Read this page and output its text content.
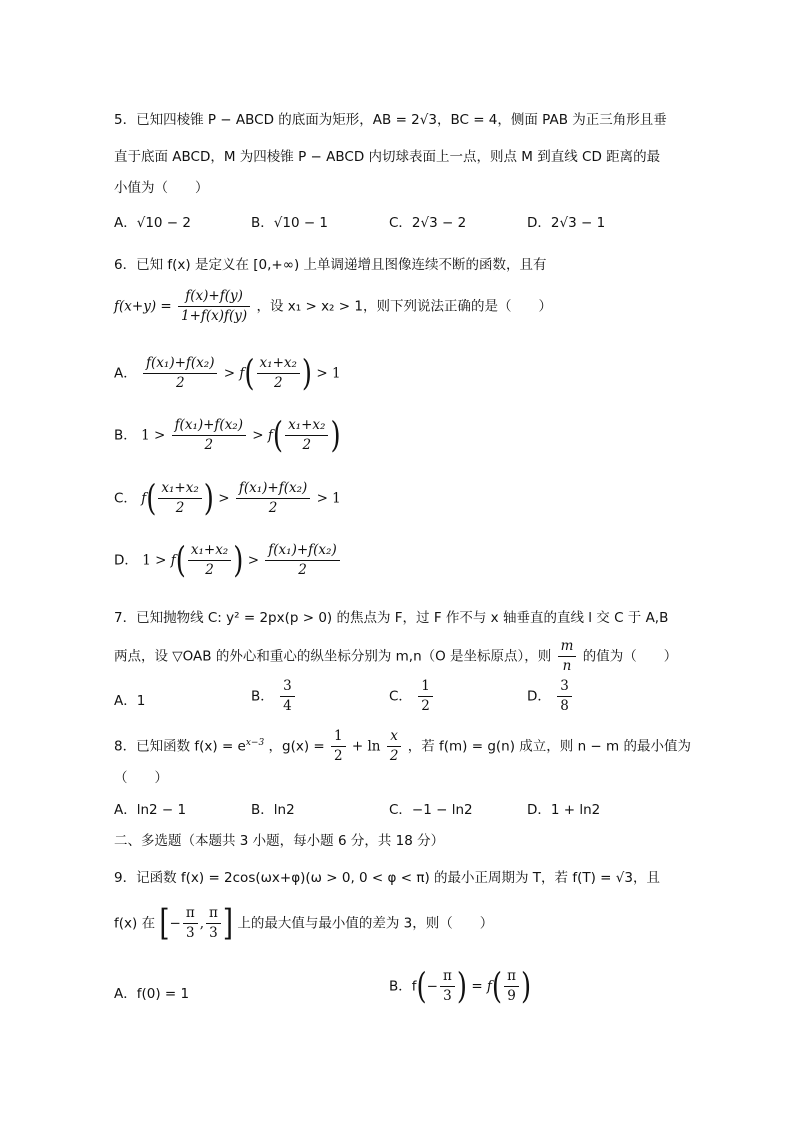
5．已知四棱锥 P − ABCD 的底面为矩形，AB = 2√3，BC = 4，侧面 PAB 为正三角形且垂
直于底面 ABCD，M 为四棱锥 P − ABCD 内切球表面上一点，则点 M 到直线 CD 距离的最
小值为（　　）
A．√10 − 2	B．√10 − 1	C．2√3 − 2	D．2√3 − 1
6．已知 f(x) 是定义在 [0,+∞) 上单调递增且图像连续不断的函数，且有
$f(x+y) = \frac{f(x)+f(y)}{1+f(x)f(y)}$ ，设 x₁ > x₂ > 1，则下列说法正确的是（　　）
A． $\frac{\text{f(x₁)+f(x₂)}}{2} > f( \frac{\text{x₁+x₂}}{2}$ ) > 1
B． $1 > \frac{\text{f(x₁)+f(x₂)}}{2} > f( \frac{\text{x₁+x₂}}{2}$ )
C． $f( \frac{\text{x₁+x₂}}{2}$ ) > $\frac{\text{f(x₁)+f(x₂)}}{2} > 1$
D． $1 > f( \frac{\text{x₁+x₂}}{2}$ ) > $\frac{\text{f(x₁)+f(x₂)}}{2}$
7．已知抛物线 C: y² = 2px(p > 0) 的焦点为 F，过 F 作不与 x 轴垂直的直线 l 交 C 于 A,B
两点，设 ▽OAB 的外心和重心的纵坐标分别为 m,n（O 是坐标原点），则 $\frac{m}{n}$ 的值为（　　）
A．1	B． $\frac{3}{4}$	C． $\frac{1}{2}$	D． $\frac{3}{8}$
8．已知函数 $f(x) = e^{x-3}$ ，$g(x) = \frac{1}{2} + \ln \frac{x}{2}$ ，若 f(m) = g(n) 成立，则 n − m 的最小值为
（　　）
A．ln2 − 1	B．ln2	C．−1 − ln2	D．1 + ln2
二、多选题（本题共 3 小题，每小题 6 分，共 18 分）
9．记函数 f(x) = 2cos(ωx+φ)(ω > 0, 0 < φ < π) 的最小正周期为 T，若 f(T) = √3，且
f(x) 在 [− $\frac{\pi}{3}$ , $\frac{\pi}{3}$ ] 上的最大值与最小值的差为 3，则（　　）
A．f(0) = 1	B．$f(- \frac{\pi}{3}$ ) = $f( \frac{\pi}{9}$ )
